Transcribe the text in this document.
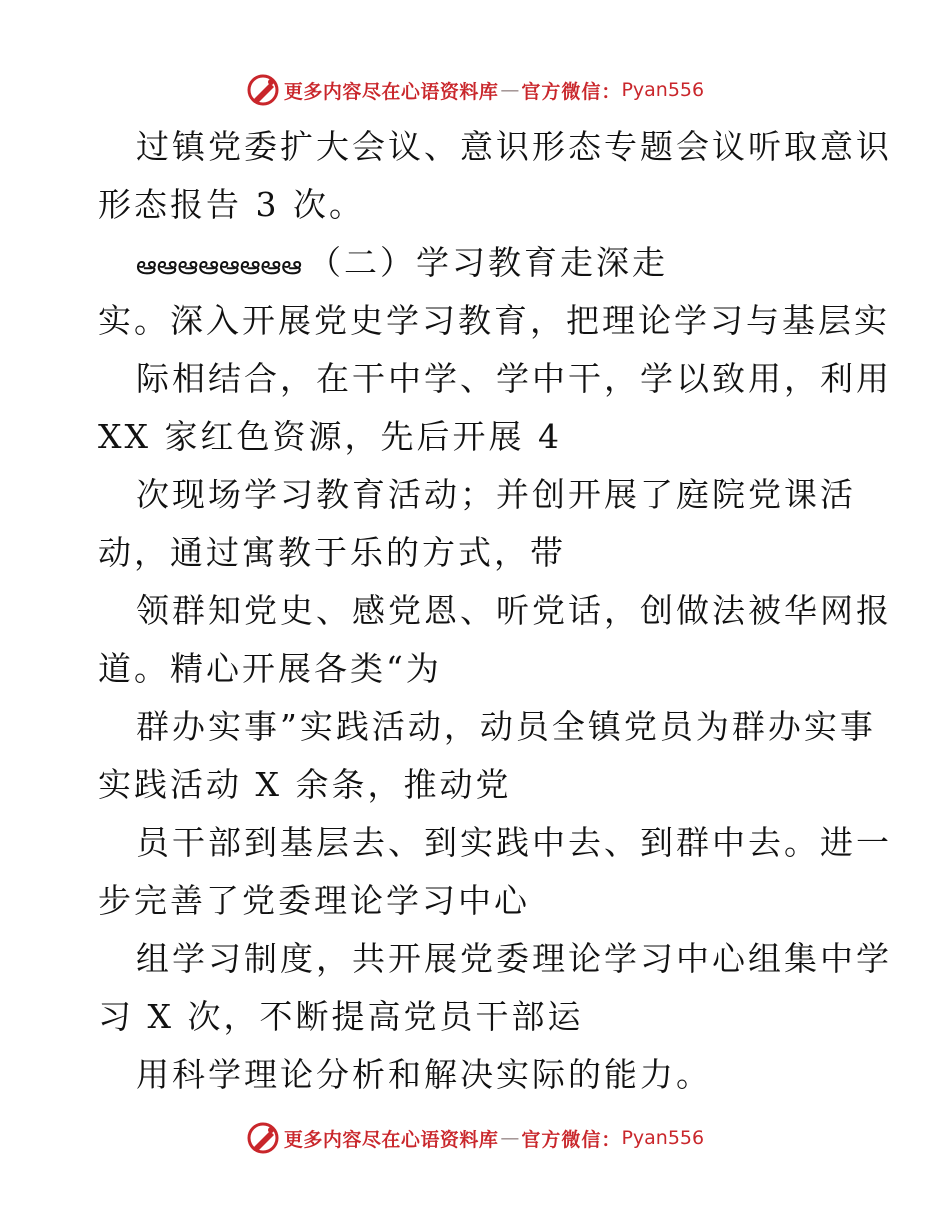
更多内容尽在心语资料库 — 官方微信： Pyan556
过镇党委扩大会议、意识形态专题会议听取意识
形态报告 3 次。
ఆఆఆఆఆఆఆఆ （二）学习教育走深走
实。深入开展党史学习教育，把理论学习与基层实
际相结合，在干中学、学中干，学以致用，利用
XX 家红色资源，先后开展 4
次现场学习教育活动；并创开展了庭院党课活
动，通过寓教于乐的方式，带
领群知党史、感党恩、听党话，创做法被华网报
道。精心开展各类“为
群办实事”实践活动，动员全镇党员为群办实事
实践活动 X 余条，推动党
员干部到基层去、到实践中去、到群中去。进一
步完善了党委理论学习中心
组学习制度，共开展党委理论学习中心组集中学
习 X 次，不断提高党员干部运
用科学理论分析和解决实际的能力。
更多内容尽在心语资料库 — 官方微信： Pyan556
